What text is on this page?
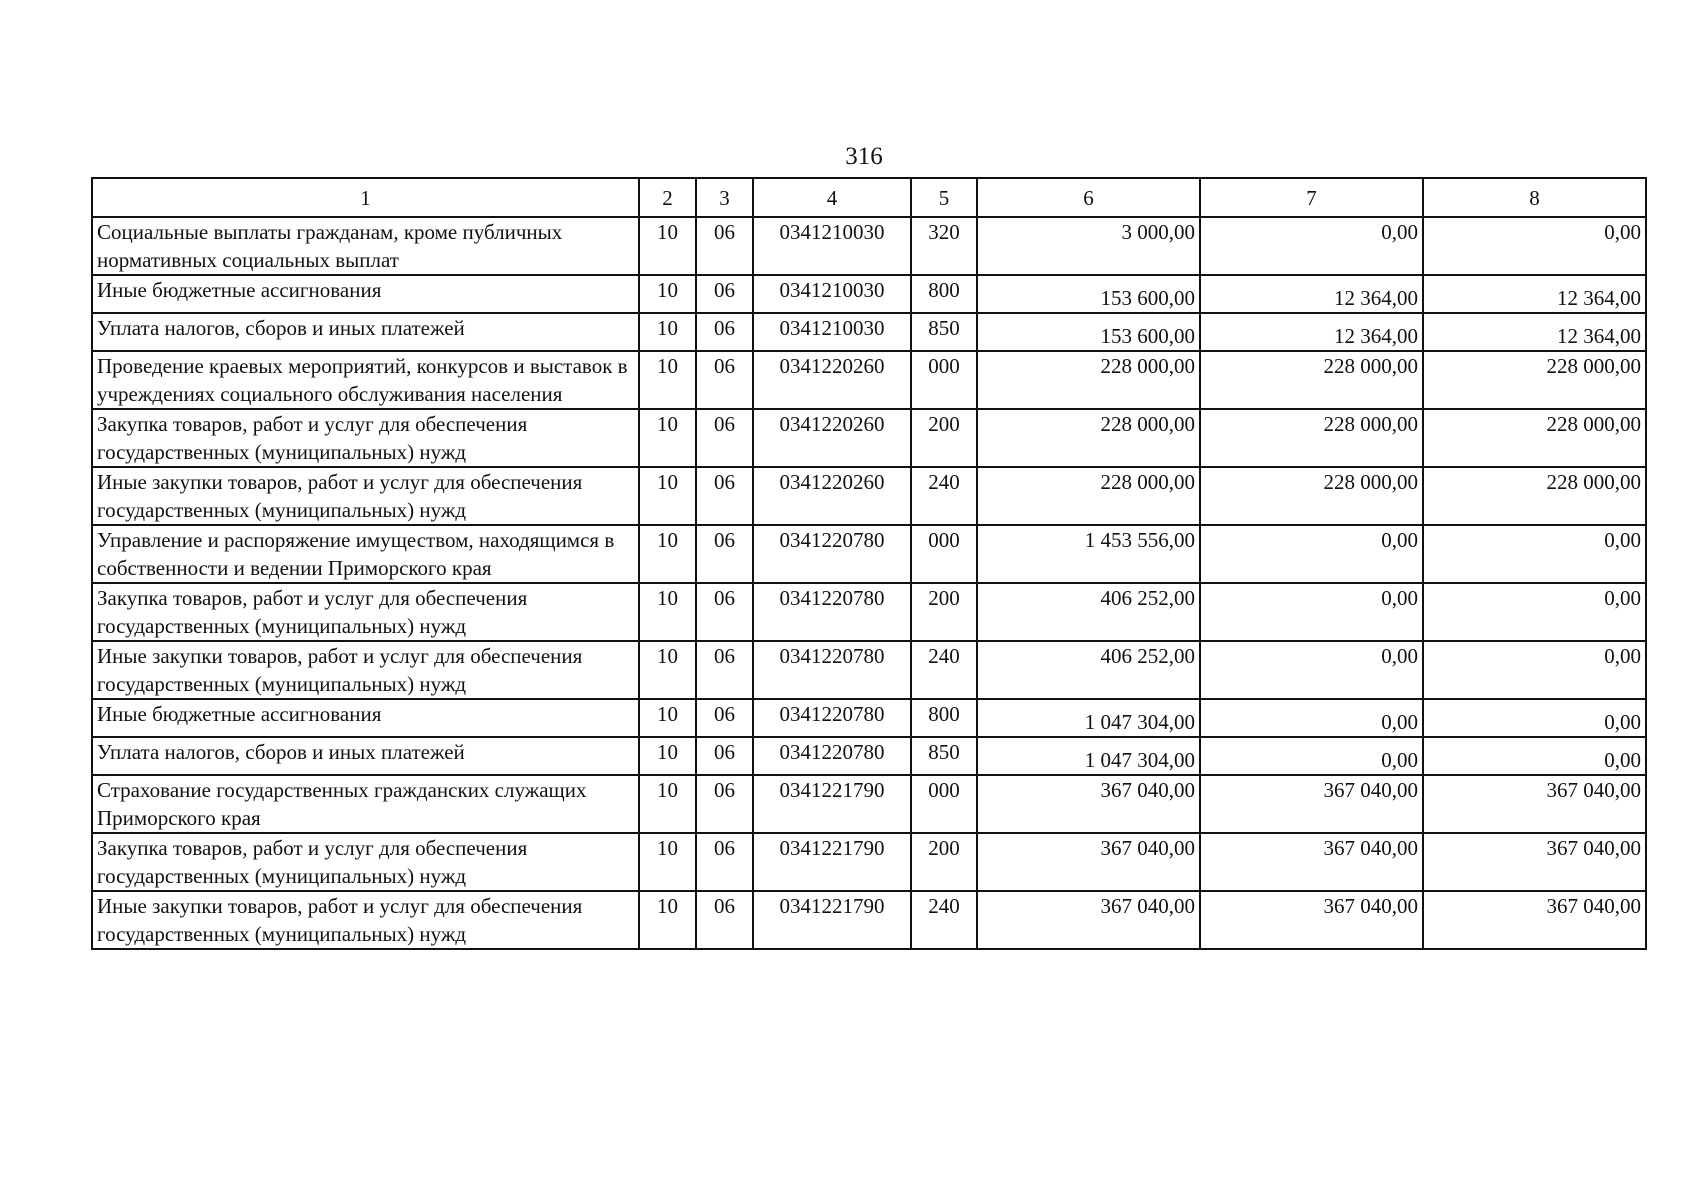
316
1	2	3	4	5	6	7	8
Социальные выплаты гражданам, кроме публичных нормативных социальных выплат	10	06	0341210030	320	3 000,00	0,00	0,00
Иные бюджетные ассигнования	10	06	0341210030	800	153 600,00	12 364,00	12 364,00
Уплата налогов, сборов и иных платежей	10	06	0341210030	850	153 600,00	12 364,00	12 364,00
Проведение краевых мероприятий, конкурсов и выставок в учреждениях социального обслуживания населения	10	06	0341220260	000	228 000,00	228 000,00	228 000,00
Закупка товаров, работ и услуг для обеспечения государственных (муниципальных) нужд	10	06	0341220260	200	228 000,00	228 000,00	228 000,00
Иные закупки товаров, работ и услуг для обеспечения государственных (муниципальных) нужд	10	06	0341220260	240	228 000,00	228 000,00	228 000,00
Управление и распоряжение имуществом, находящимся в собственности и ведении Приморского края	10	06	0341220780	000	1 453 556,00	0,00	0,00
Закупка товаров, работ и услуг для обеспечения государственных (муниципальных) нужд	10	06	0341220780	200	406 252,00	0,00	0,00
Иные закупки товаров, работ и услуг для обеспечения государственных (муниципальных) нужд	10	06	0341220780	240	406 252,00	0,00	0,00
Иные бюджетные ассигнования	10	06	0341220780	800	1 047 304,00	0,00	0,00
Уплата налогов, сборов и иных платежей	10	06	0341220780	850	1 047 304,00	0,00	0,00
Страхование государственных гражданских служащих Приморского края	10	06	0341221790	000	367 040,00	367 040,00	367 040,00
Закупка товаров, работ и услуг для обеспечения государственных (муниципальных) нужд	10	06	0341221790	200	367 040,00	367 040,00	367 040,00
Иные закупки товаров, работ и услуг для обеспечения государственных (муниципальных) нужд	10	06	0341221790	240	367 040,00	367 040,00	367 040,00
